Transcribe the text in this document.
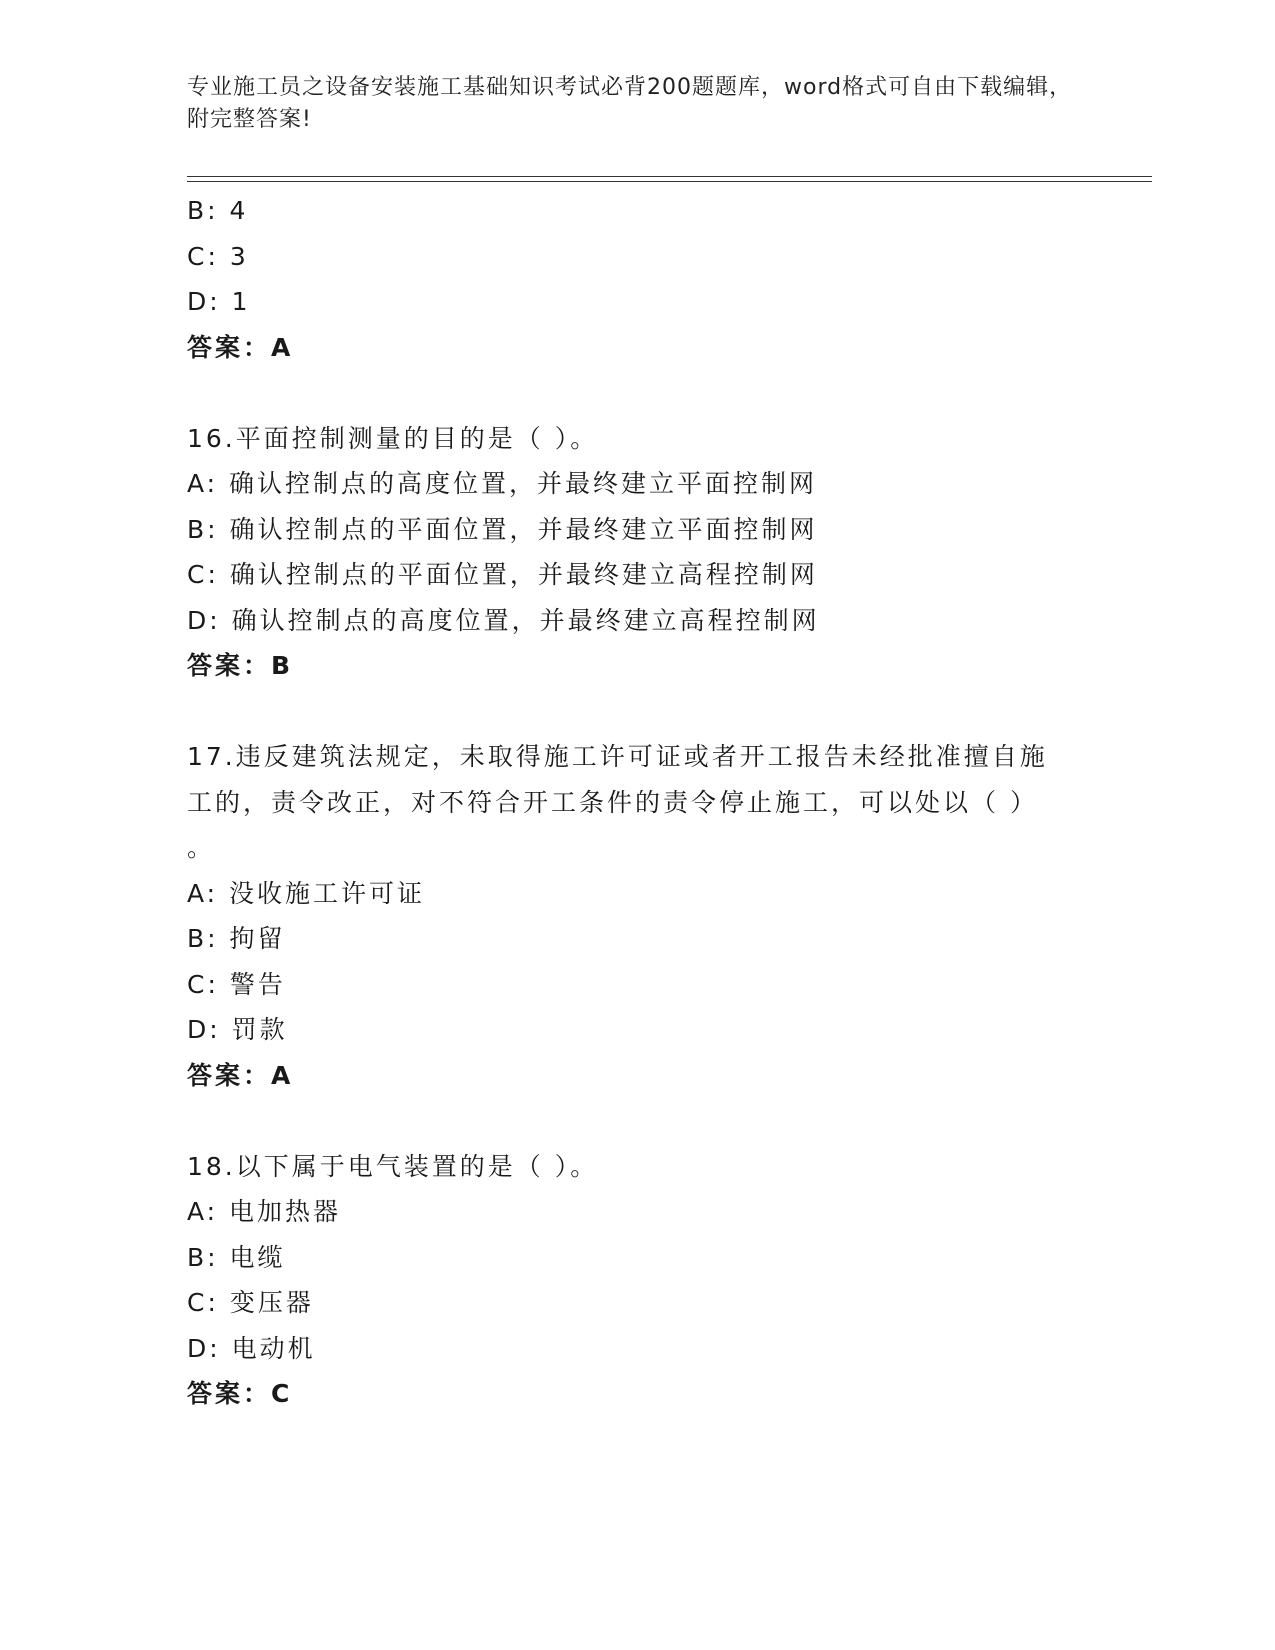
专业施工员之设备安装施工基础知识考试必背200题题库，word格式可自由下载编辑，附完整答案!
B: 4
C: 3
D: 1
答案：A
16.平面控制测量的目的是（ ）。
A: 确认控制点的高度位置，并最终建立平面控制网
B: 确认控制点的平面位置，并最终建立平面控制网
C: 确认控制点的平面位置，并最终建立高程控制网
D: 确认控制点的高度位置，并最终建立高程控制网
答案：B
17.违反建筑法规定，未取得施工许可证或者开工报告未经批准擅自施
工的，责令改正，对不符合开工条件的责令停止施工，可以处以（ ）
。
A: 没收施工许可证
B: 拘留
C: 警告
D: 罚款
答案：A
18.以下属于电气装置的是（ ）。
A: 电加热器
B: 电缆
C: 变压器
D: 电动机
答案：C
